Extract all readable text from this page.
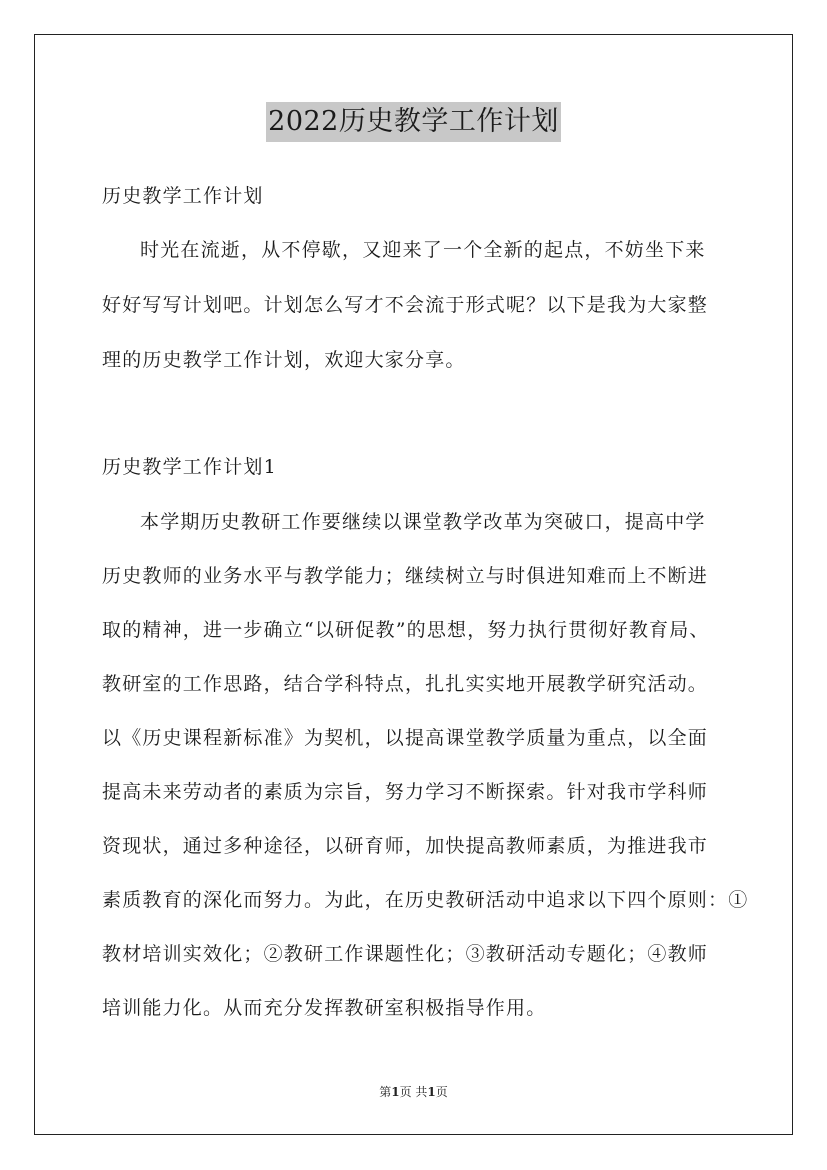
2022历史教学工作计划
历史教学工作计划
时光在流逝，从不停歇，又迎来了一个全新的起点，不妨坐下来
好好写写计划吧。计划怎么写才不会流于形式呢？以下是我为大家整
理的历史教学工作计划，欢迎大家分享。
历史教学工作计划1
本学期历史教研工作要继续以课堂教学改革为突破口，提高中学
历史教师的业务水平与教学能力；继续树立与时俱进知难而上不断进
取的精神，进一步确立“以研促教”的思想，努力执行贯彻好教育局、
教研室的工作思路，结合学科特点，扎扎实实地开展教学研究活动。
以《历史课程新标准》为契机，以提高课堂教学质量为重点，以全面
提高未来劳动者的素质为宗旨，努力学习不断探索。针对我市学科师
资现状，通过多种途径，以研育师，加快提高教师素质，为推进我市
素质教育的深化而努力。为此，在历史教研活动中追求以下四个原则：①
教材培训实效化；②教研工作课题性化；③教研活动专题化；④教师
培训能力化。从而充分发挥教研室积极指导作用。
第1页 共1页
